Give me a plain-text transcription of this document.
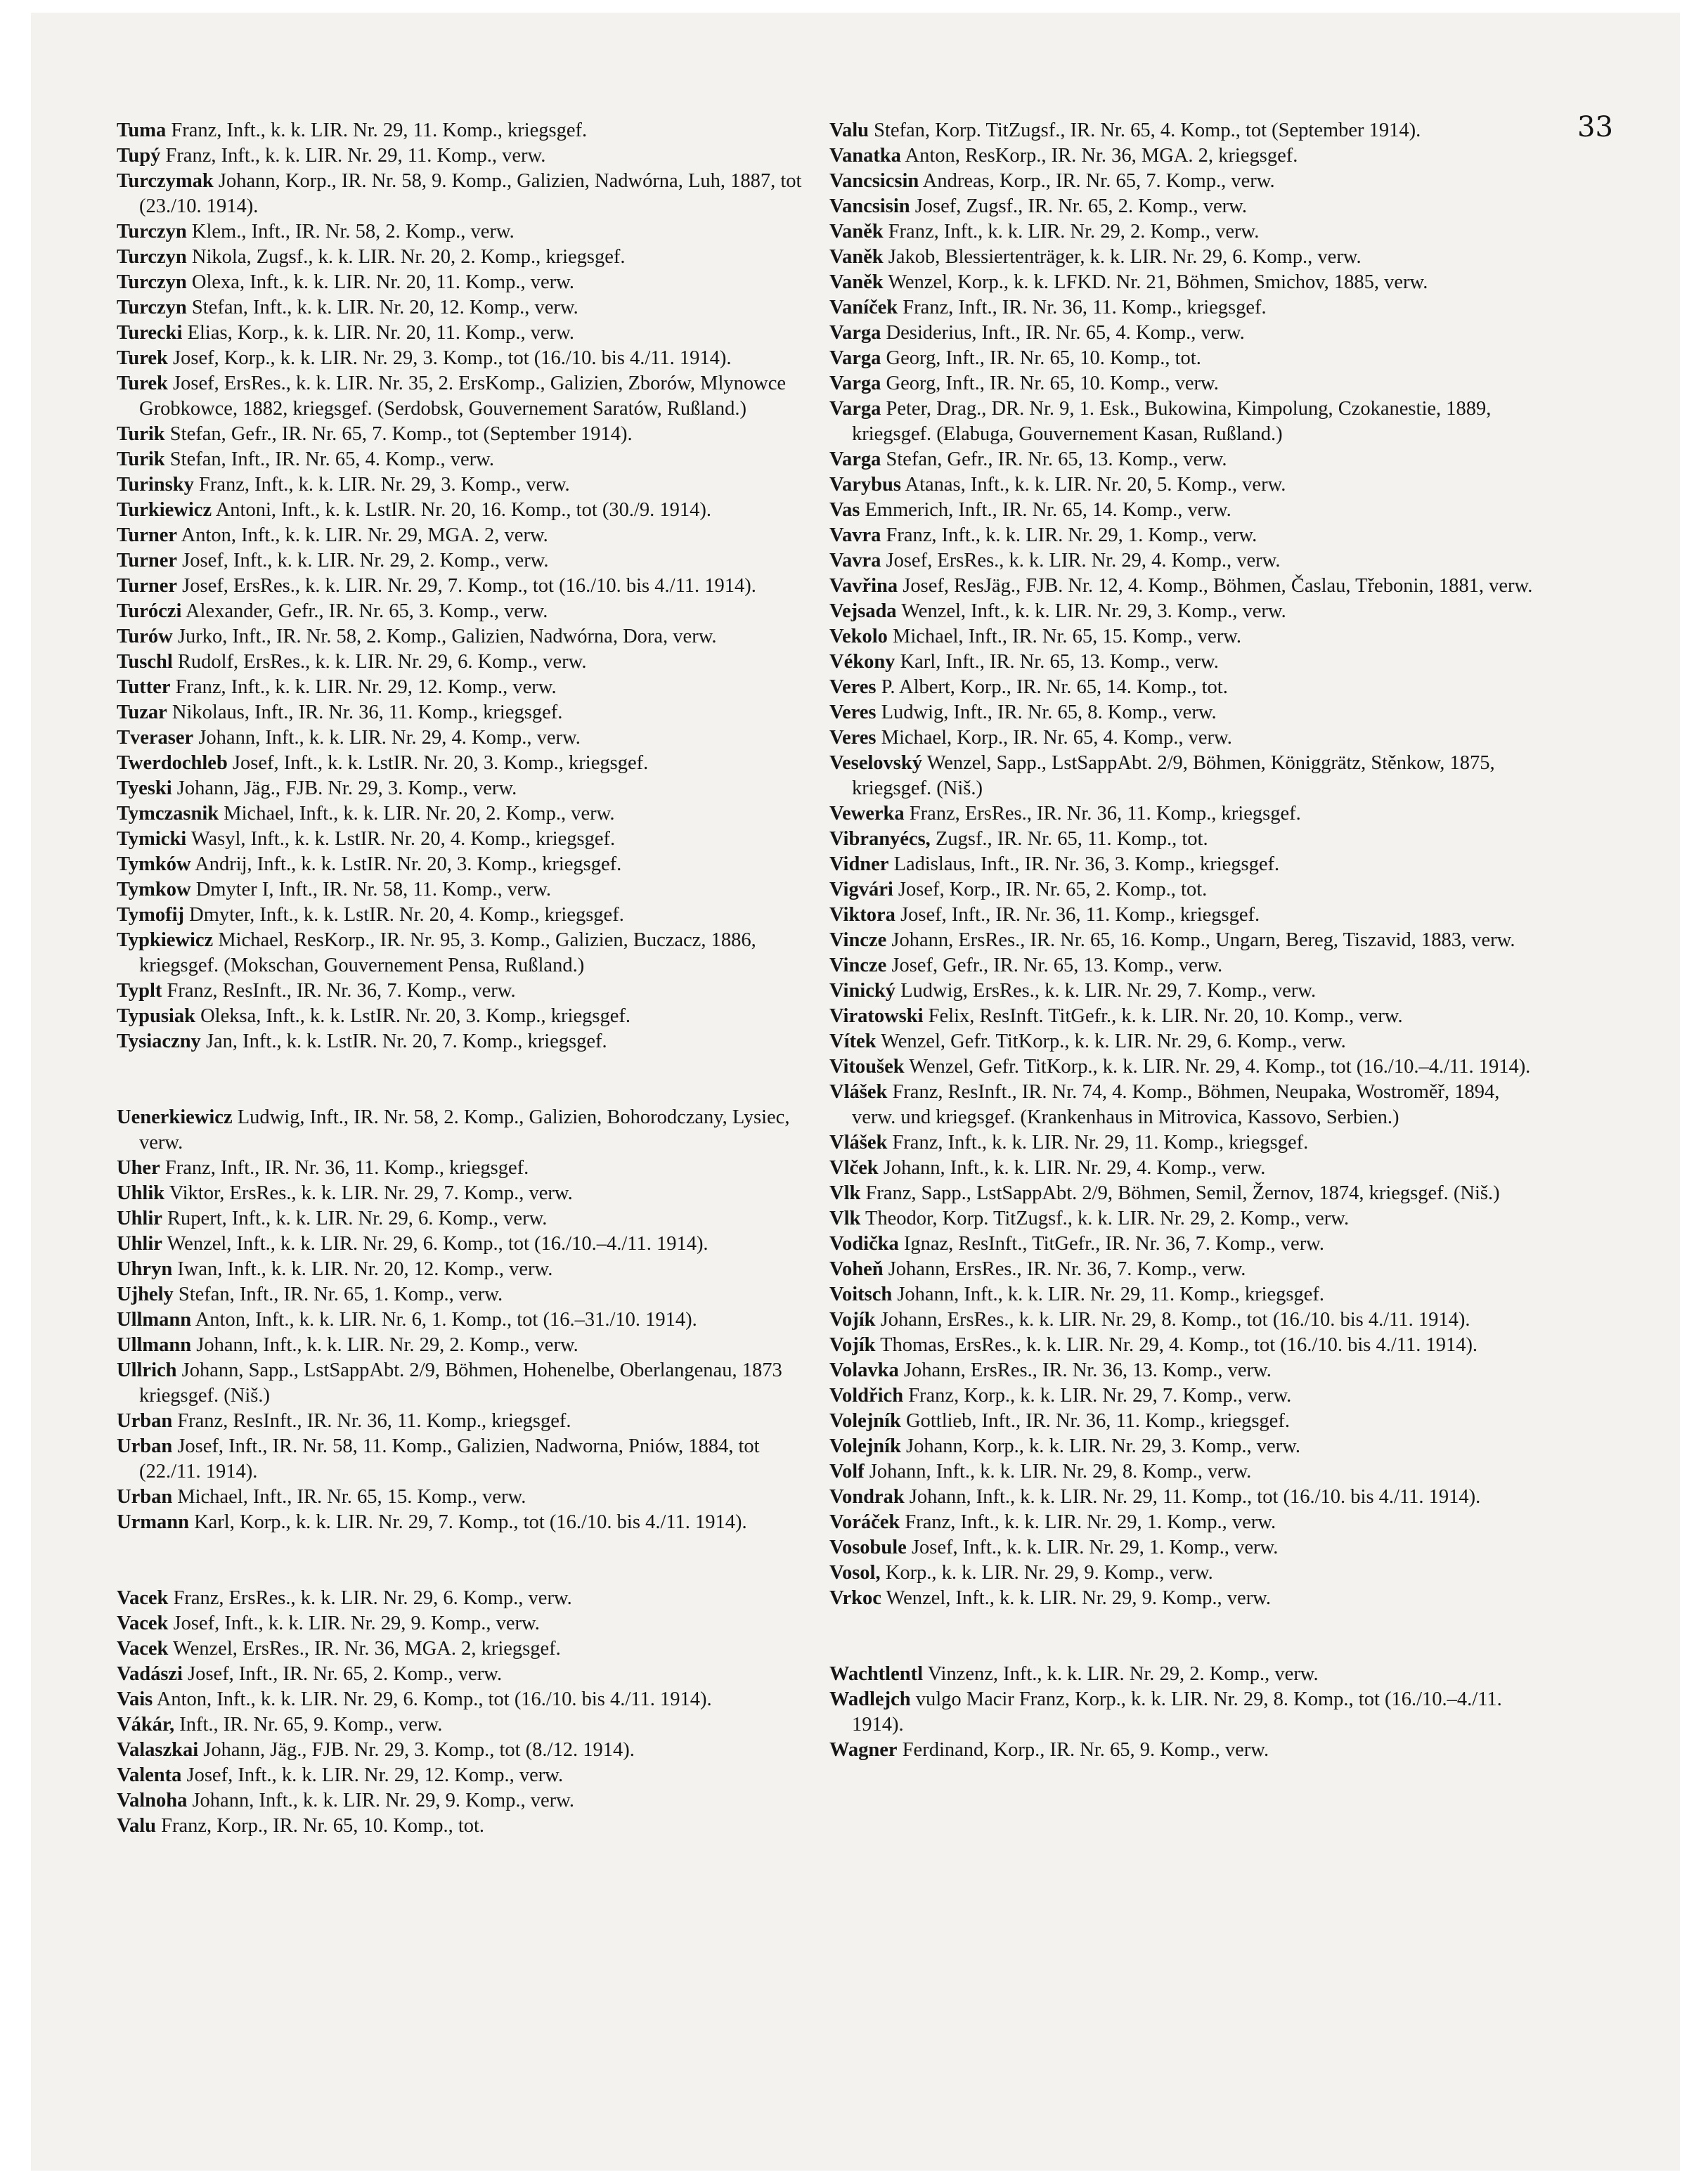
33

Tuma Franz, Inft., k. k. LIR. Nr. 29, 11. Komp., kriegsgef.

Tupý Franz, Inft., k. k. LIR. Nr. 29, 11. Komp., verw.

Turczymak Johann, Korp., IR. Nr. 58, 9. Komp., Galizien, Nadwórna, Luh, 1887, tot (23./10. 1914).

Turczyn Klem., Inft., IR. Nr. 58, 2. Komp., verw.

Turczyn Nikola, Zugsf., k. k. LIR. Nr. 20, 2. Komp., kriegsgef.

Turczyn Olexa, Inft., k. k. LIR. Nr. 20, 11. Komp., verw.

Turczyn Stefan, Inft., k. k. LIR. Nr. 20, 12. Komp., verw.

Turecki Elias, Korp., k. k. LIR. Nr. 20, 11. Komp., verw.

Turek Josef, Korp., k. k. LIR. Nr. 29, 3. Komp., tot (16./10. bis 4./11. 1914).

Turek Josef, ErsRes., k. k. LIR. Nr. 35, 2. ErsKomp., Galizien, Zborów, Mlynowce Grobkowce, 1882, kriegsgef. (Serdobsk, Gouvernement Saratów, Rußland.)

Turik Stefan, Gefr., IR. Nr. 65, 7. Komp., tot (September 1914).

Turik Stefan, Inft., IR. Nr. 65, 4. Komp., verw.

Turinsky Franz, Inft., k. k. LIR. Nr. 29, 3. Komp., verw.

Turkiewicz Antoni, Inft., k. k. LstIR. Nr. 20, 16. Komp., tot (30./9. 1914).

Turner Anton, Inft., k. k. LIR. Nr. 29, MGA. 2, verw.

Turner Josef, Inft., k. k. LIR. Nr. 29, 2. Komp., verw.

Turner Josef, ErsRes., k. k. LIR. Nr. 29, 7. Komp., tot (16./10. bis 4./11. 1914).

Turóczi Alexander, Gefr., IR. Nr. 65, 3. Komp., verw.

Turów Jurko, Inft., IR. Nr. 58, 2. Komp., Galizien, Nadwórna, Dora, verw.

Tuschl Rudolf, ErsRes., k. k. LIR. Nr. 29, 6. Komp., verw.

Tutter Franz, Inft., k. k. LIR. Nr. 29, 12. Komp., verw.

Tuzar Nikolaus, Inft., IR. Nr. 36, 11. Komp., kriegsgef.

Tveraser Johann, Inft., k. k. LIR. Nr. 29, 4. Komp., verw.

Twerdochleb Josef, Inft., k. k. LstIR. Nr. 20, 3. Komp., kriegsgef.

Tyeski Johann, Jäg., FJB. Nr. 29, 3. Komp., verw.

Tymczasnik Michael, Inft., k. k. LIR. Nr. 20, 2. Komp., verw.

Tymicki Wasyl, Inft., k. k. LstIR. Nr. 20, 4. Komp., kriegsgef.

Tymków Andrij, Inft., k. k. LstIR. Nr. 20, 3. Komp., kriegsgef.

Tymkow Dmyter I, Inft., IR. Nr. 58, 11. Komp., verw.

Tymofij Dmyter, Inft., k. k. LstIR. Nr. 20, 4. Komp., kriegsgef.

Typkiewicz Michael, ResKorp., IR. Nr. 95, 3. Komp., Galizien, Buczacz, 1886, kriegsgef. (Mokschan, Gouvernement Pensa, Rußland.)

Typlt Franz, ResInft., IR. Nr. 36, 7. Komp., verw.

Typusiak Oleksa, Inft., k. k. LstIR. Nr. 20, 3. Komp., kriegsgef.

Tysiaczny Jan, Inft., k. k. LstIR. Nr. 20, 7. Komp., kriegsgef.

Uenerkiewicz Ludwig, Inft., IR. Nr. 58, 2. Komp., Galizien, Bohorodczany, Lysiec, verw.

Uher Franz, Inft., IR. Nr. 36, 11. Komp., kriegsgef.

Uhlik Viktor, ErsRes., k. k. LIR. Nr. 29, 7. Komp., verw.

Uhlir Rupert, Inft., k. k. LIR. Nr. 29, 6. Komp., verw.

Uhlir Wenzel, Inft., k. k. LIR. Nr. 29, 6. Komp., tot (16./10.–4./11. 1914).

Uhryn Iwan, Inft., k. k. LIR. Nr. 20, 12. Komp., verw.

Ujhely Stefan, Inft., IR. Nr. 65, 1. Komp., verw.

Ullmann Anton, Inft., k. k. LIR. Nr. 6, 1. Komp., tot (16.–31./10. 1914).

Ullmann Johann, Inft., k. k. LIR. Nr. 29, 2. Komp., verw.

Ullrich Johann, Sapp., LstSappAbt. 2/9, Böhmen, Hohenelbe, Oberlangenau, 1873 kriegsgef. (Niš.)

Urban Franz, ResInft., IR. Nr. 36, 11. Komp., kriegsgef.

Urban Josef, Inft., IR. Nr. 58, 11. Komp., Galizien, Nadworna, Pniów, 1884, tot (22./11. 1914).

Urban Michael, Inft., IR. Nr. 65, 15. Komp., verw.

Urmann Karl, Korp., k. k. LIR. Nr. 29, 7. Komp., tot (16./10. bis 4./11. 1914).

Vacek Franz, ErsRes., k. k. LIR. Nr. 29, 6. Komp., verw.

Vacek Josef, Inft., k. k. LIR. Nr. 29, 9. Komp., verw.

Vacek Wenzel, ErsRes., IR. Nr. 36, MGA. 2, kriegsgef.

Vadászi Josef, Inft., IR. Nr. 65, 2. Komp., verw.

Vais Anton, Inft., k. k. LIR. Nr. 29, 6. Komp., tot (16./10. bis 4./11. 1914).

Vákár, Inft., IR. Nr. 65, 9. Komp., verw.

Valaszkai Johann, Jäg., FJB. Nr. 29, 3. Komp., tot (8./12. 1914).

Valenta Josef, Inft., k. k. LIR. Nr. 29, 12. Komp., verw.

Valnoha Johann, Inft., k. k. LIR. Nr. 29, 9. Komp., verw.

Valu Franz, Korp., IR. Nr. 65, 10. Komp., tot.

Valu Stefan, Korp. TitZugsf., IR. Nr. 65, 4. Komp., tot (September 1914).

Vanatka Anton, ResKorp., IR. Nr. 36, MGA. 2, kriegsgef.

Vancsicsin Andreas, Korp., IR. Nr. 65, 7. Komp., verw.

Vancsisin Josef, Zugsf., IR. Nr. 65, 2. Komp., verw.

Vaněk Franz, Inft., k. k. LIR. Nr. 29, 2. Komp., verw.

Vaněk Jakob, Blessiertenträger, k. k. LIR. Nr. 29, 6. Komp., verw.

Vaněk Wenzel, Korp., k. k. LFKD. Nr. 21, Böhmen, Smichov, 1885, verw.

Vaníček Franz, Inft., IR. Nr. 36, 11. Komp., kriegsgef.

Varga Desiderius, Inft., IR. Nr. 65, 4. Komp., verw.

Varga Georg, Inft., IR. Nr. 65, 10. Komp., tot.

Varga Georg, Inft., IR. Nr. 65, 10. Komp., verw.

Varga Peter, Drag., DR. Nr. 9, 1. Esk., Bukowina, Kimpolung, Czokanestie, 1889, kriegsgef. (Elabuga, Gouvernement Kasan, Rußland.)

Varga Stefan, Gefr., IR. Nr. 65, 13. Komp., verw.

Varybus Atanas, Inft., k. k. LIR. Nr. 20, 5. Komp., verw.

Vas Emmerich, Inft., IR. Nr. 65, 14. Komp., verw.

Vavra Franz, Inft., k. k. LIR. Nr. 29, 1. Komp., verw.

Vavra Josef, ErsRes., k. k. LIR. Nr. 29, 4. Komp., verw.

Vavřina Josef, ResJäg., FJB. Nr. 12, 4. Komp., Böhmen, Časlau, Třebonin, 1881, verw.

Vejsada Wenzel, Inft., k. k. LIR. Nr. 29, 3. Komp., verw.

Vekolo Michael, Inft., IR. Nr. 65, 15. Komp., verw.

Vékony Karl, Inft., IR. Nr. 65, 13. Komp., verw.

Veres P. Albert, Korp., IR. Nr. 65, 14. Komp., tot.

Veres Ludwig, Inft., IR. Nr. 65, 8. Komp., verw.

Veres Michael, Korp., IR. Nr. 65, 4. Komp., verw.

Veselovský Wenzel, Sapp., LstSappAbt. 2/9, Böhmen, Königgrätz, Stěnkow, 1875, kriegsgef. (Niš.)

Vewerka Franz, ErsRes., IR. Nr. 36, 11. Komp., kriegsgef.

Vibranyécs, Zugsf., IR. Nr. 65, 11. Komp., tot.

Vidner Ladislaus, Inft., IR. Nr. 36, 3. Komp., kriegsgef.

Vigvári Josef, Korp., IR. Nr. 65, 2. Komp., tot.

Viktora Josef, Inft., IR. Nr. 36, 11. Komp., kriegsgef.

Vincze Johann, ErsRes., IR. Nr. 65, 16. Komp., Ungarn, Bereg, Tiszavid, 1883, verw.

Vincze Josef, Gefr., IR. Nr. 65, 13. Komp., verw.

Vinický Ludwig, ErsRes., k. k. LIR. Nr. 29, 7. Komp., verw.

Viratowski Felix, ResInft. TitGefr., k. k. LIR. Nr. 20, 10. Komp., verw.

Vítek Wenzel, Gefr. TitKorp., k. k. LIR. Nr. 29, 6. Komp., verw.

Vitoušek Wenzel, Gefr. TitKorp., k. k. LIR. Nr. 29, 4. Komp., tot (16./10.–4./11. 1914).

Vlášek Franz, ResInft., IR. Nr. 74, 4. Komp., Böhmen, Neupaka, Wostroměř, 1894, verw. und kriegsgef. (Krankenhaus in Mitrovica, Kassovo, Serbien.)

Vlášek Franz, Inft., k. k. LIR. Nr. 29, 11. Komp., kriegsgef.

Vlček Johann, Inft., k. k. LIR. Nr. 29, 4. Komp., verw.

Vlk Franz, Sapp., LstSappAbt. 2/9, Böhmen, Semil, Žernov, 1874, kriegsgef. (Niš.)

Vlk Theodor, Korp. TitZugsf., k. k. LIR. Nr. 29, 2. Komp., verw.

Vodička Ignaz, ResInft., TitGefr., IR. Nr. 36, 7. Komp., verw.

Voheň Johann, ErsRes., IR. Nr. 36, 7. Komp., verw.

Voitsch Johann, Inft., k. k. LIR. Nr. 29, 11. Komp., kriegsgef.

Vojík Johann, ErsRes., k. k. LIR. Nr. 29, 8. Komp., tot (16./10. bis 4./11. 1914).

Vojík Thomas, ErsRes., k. k. LIR. Nr. 29, 4. Komp., tot (16./10. bis 4./11. 1914).

Volavka Johann, ErsRes., IR. Nr. 36, 13. Komp., verw.

Voldřich Franz, Korp., k. k. LIR. Nr. 29, 7. Komp., verw.

Volejník Gottlieb, Inft., IR. Nr. 36, 11. Komp., kriegsgef.

Volejník Johann, Korp., k. k. LIR. Nr. 29, 3. Komp., verw.

Volf Johann, Inft., k. k. LIR. Nr. 29, 8. Komp., verw.

Vondrak Johann, Inft., k. k. LIR. Nr. 29, 11. Komp., tot (16./10. bis 4./11. 1914).

Voráček Franz, Inft., k. k. LIR. Nr. 29, 1. Komp., verw.

Vosobule Josef, Inft., k. k. LIR. Nr. 29, 1. Komp., verw.

Vosol, Korp., k. k. LIR. Nr. 29, 9. Komp., verw.

Vrkoc Wenzel, Inft., k. k. LIR. Nr. 29, 9. Komp., verw.

Wachtlentl Vinzenz, Inft., k. k. LIR. Nr. 29, 2. Komp., verw.

Wadlejch vulgo Macir Franz, Korp., k. k. LIR. Nr. 29, 8. Komp., tot (16./10.–4./11. 1914).

Wagner Ferdinand, Korp., IR. Nr. 65, 9. Komp., verw.
